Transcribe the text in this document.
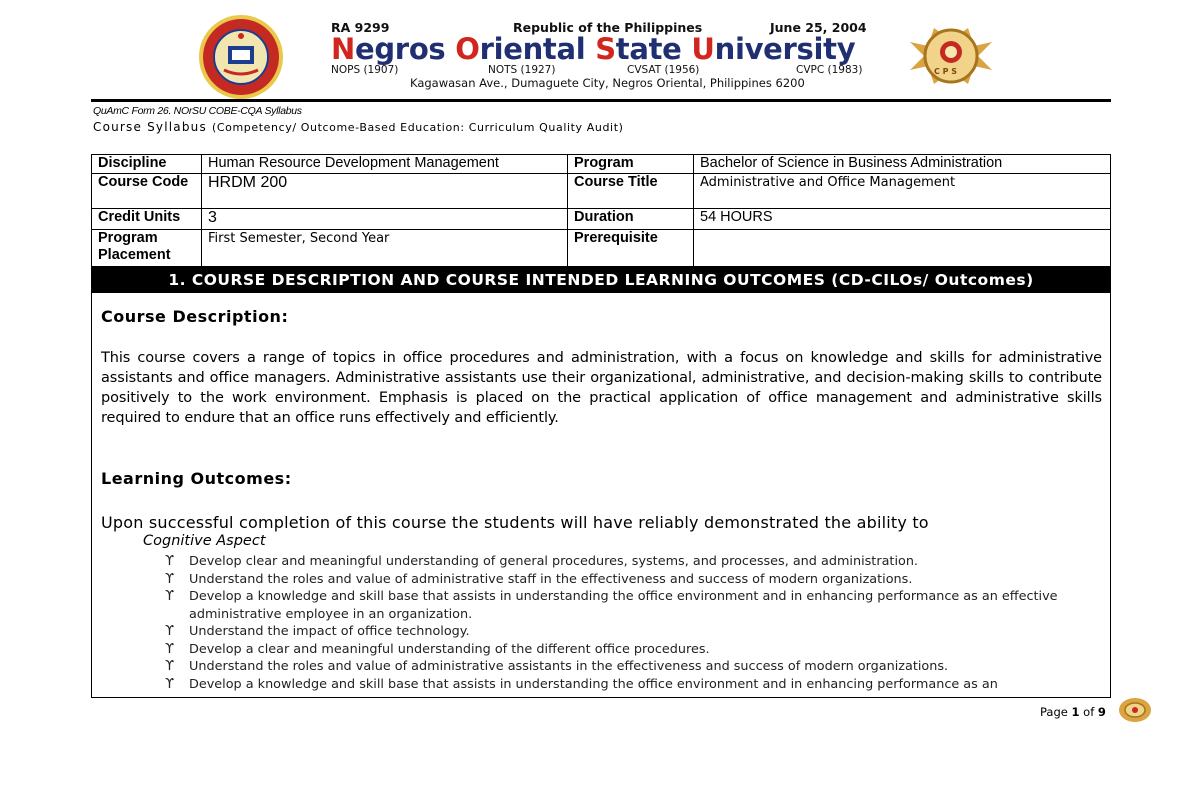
C P S
RA 9299	Republic of the Philippines	June 25, 2004
Negros Oriental State University
NOPS (1907)	NOTS (1927)	CVSAT (1956)	CVPC (1983)
Kagawasan Ave., Dumaguete City, Negros Oriental, Philippines 6200
QuAmC Form 26. NOrSU COBE-CQA Syllabus
Course Syllabus (Competency/ Outcome-Based Education: Curriculum Quality Audit)
Discipline	Human Resource Development Management	Program	Bachelor of Science in Business Administration
Course Code	HRDM 200	Course Title	Administrative and Office Management
Credit Units	3	Duration	54 HOURS
Program Placement	First Semester, Second Year	Prerequisite	
1. COURSE DESCRIPTION AND COURSE INTENDED LEARNING OUTCOMES (CD-CILOs/ Outcomes)
Course Description:
This course covers a range of topics in office procedures and administration, with a focus on knowledge and skills for administrative assistants and office managers. Administrative assistants use their organizational, administrative, and decision-making skills to contribute positively to the work environment. Emphasis is placed on the practical application of office management and administrative skills required to endure that an office runs effectively and efficiently.
Learning Outcomes:
Upon successful completion of this course the students will have reliably demonstrated the ability to
Cognitive Aspect
ϒ Develop clear and meaningful understanding of general procedures, systems, and processes, and administration.
ϒ Understand the roles and value of administrative staff in the effectiveness and success of modern organizations.
ϒ Develop a knowledge and skill base that assists in understanding the office environment and in enhancing performance as an effective administrative employee in an organization.
ϒ Understand the impact of office technology.
ϒ Develop a clear and meaningful understanding of the different office procedures.
ϒ Understand the roles and value of administrative assistants in the effectiveness and success of modern organizations.
ϒ Develop a knowledge and skill base that assists in understanding the office environment and in enhancing performance as an
Page 1 of 9
